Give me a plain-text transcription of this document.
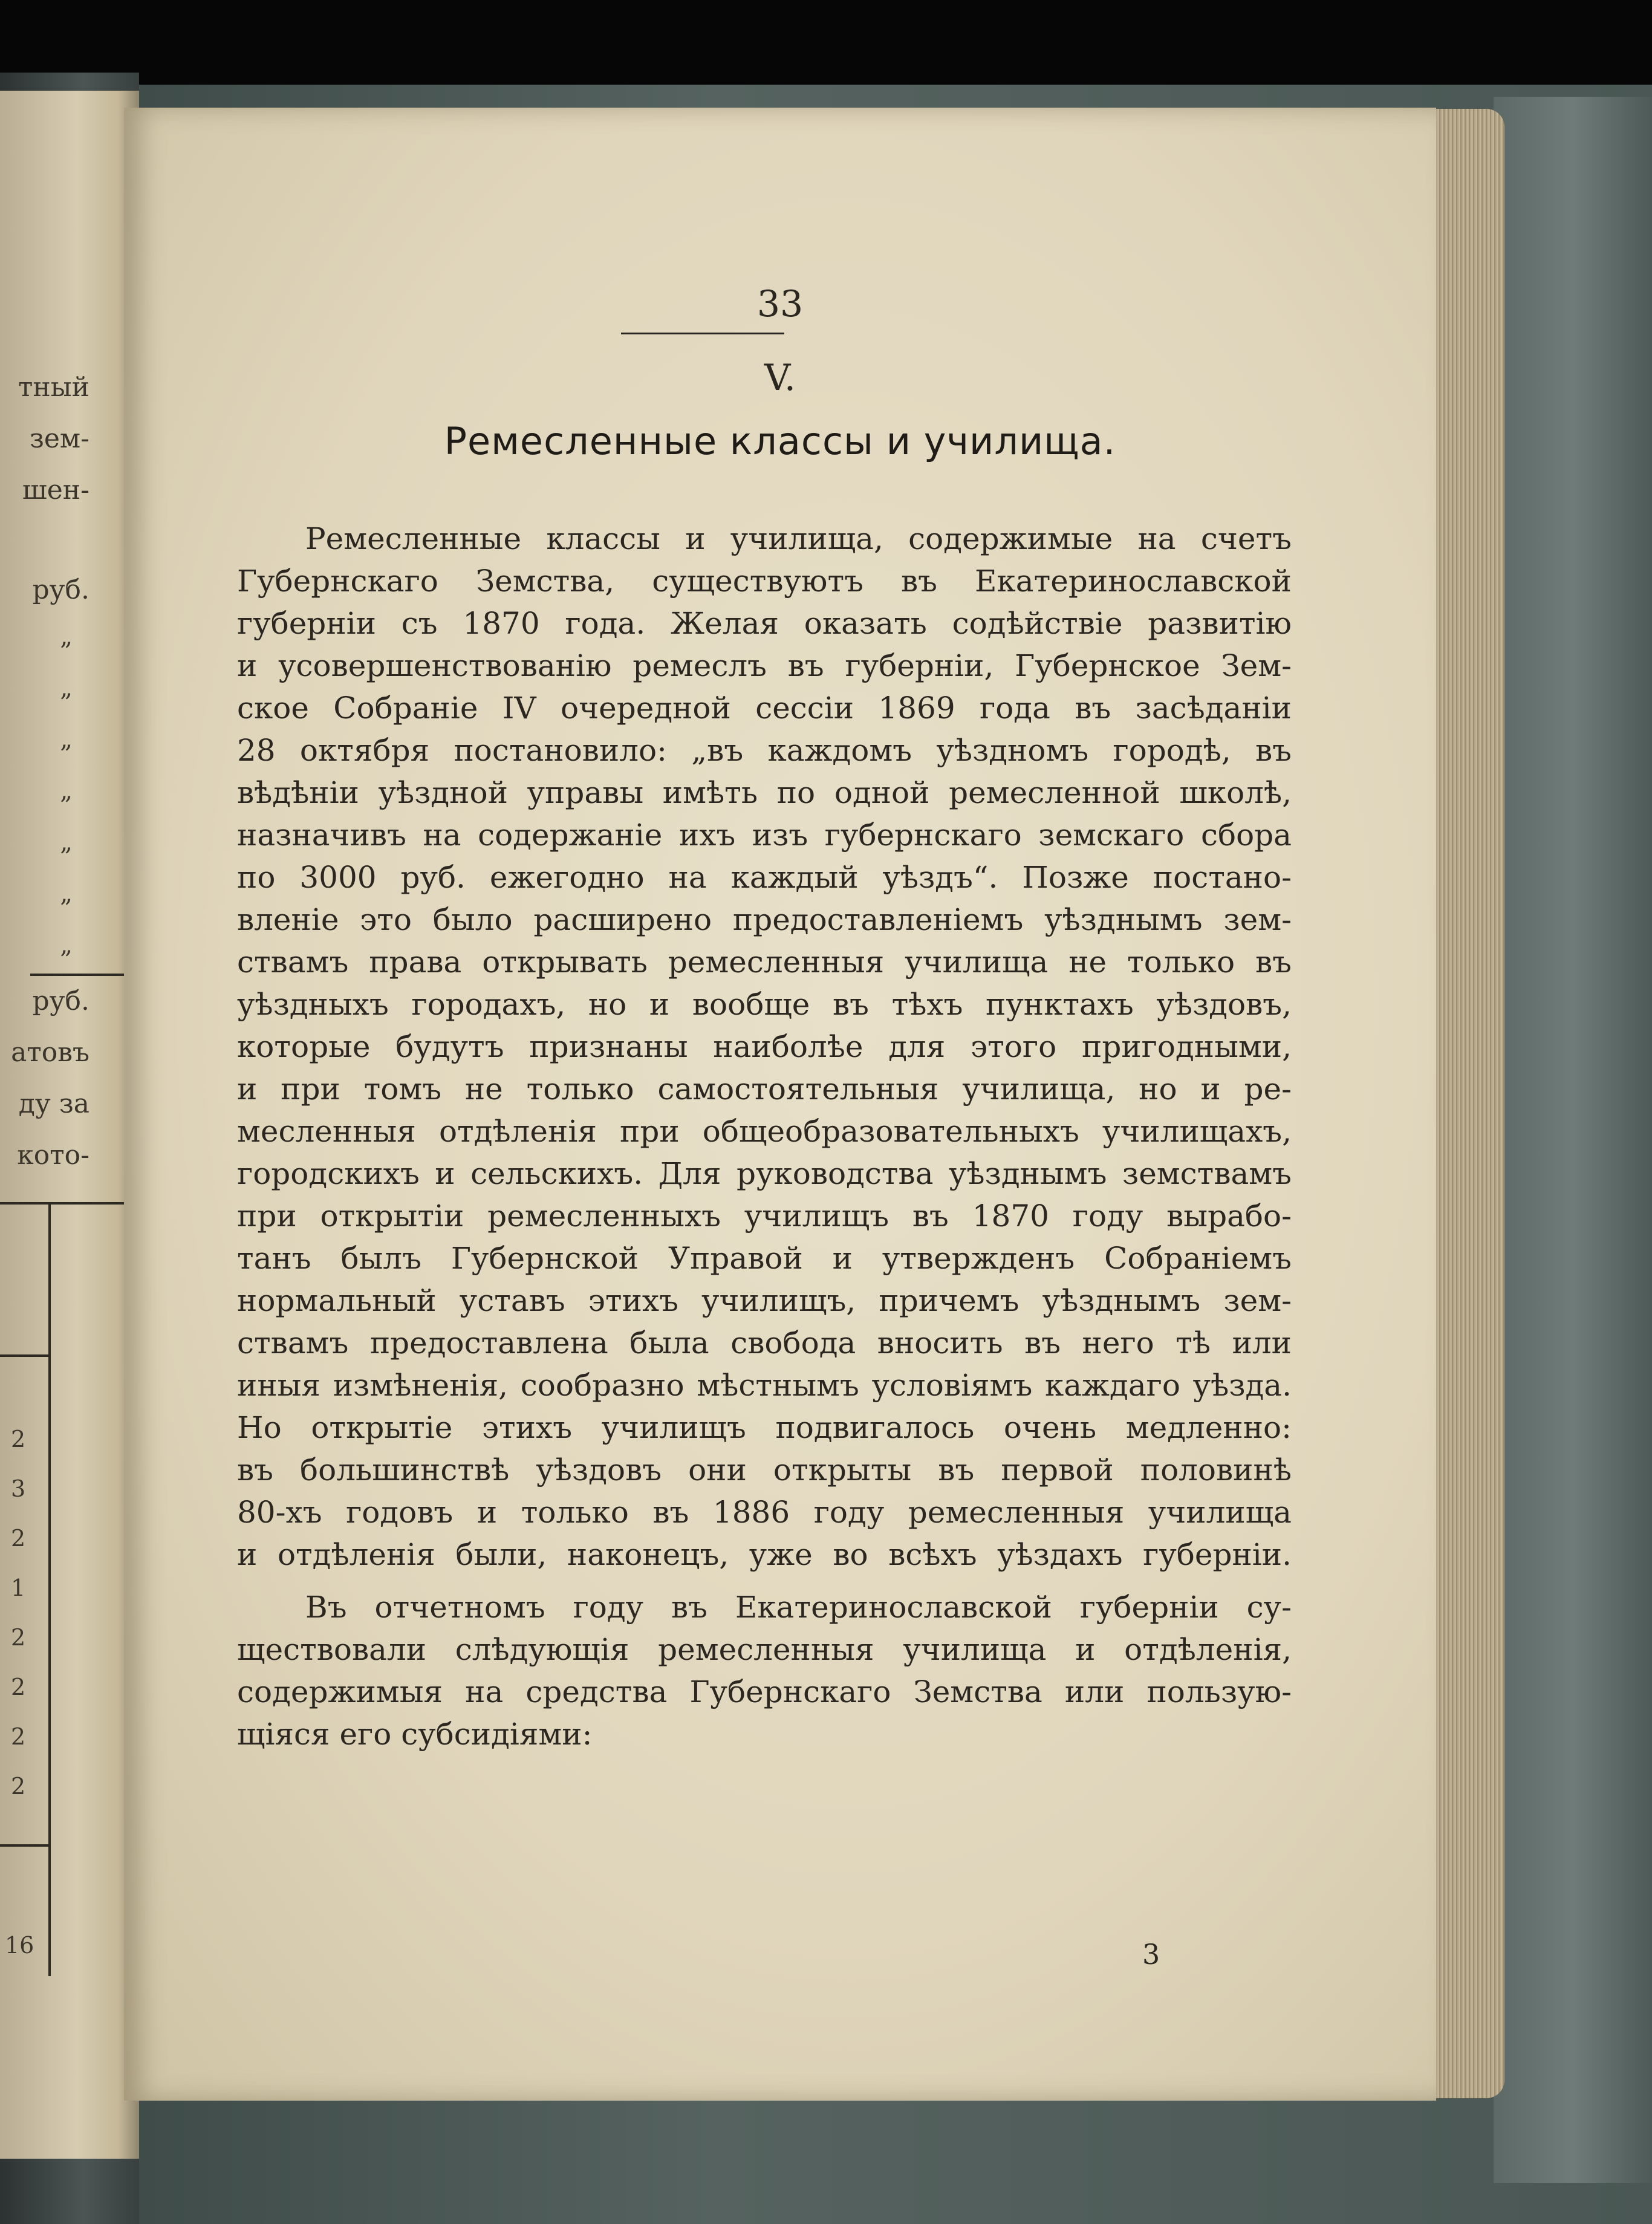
тный
зем-
шен-
руб.
„
„
„
„
„
„
„
руб.
атовъ
ду за
кото-
2
3
2
1
2
2
2
2
16
33
V.
Ремесленные классы и училища.
Ремесленные классы и училища, содержимые на счетъ
Губернскаго Земства, существуютъ въ Екатеринославской
губерніи съ 1870 года. Желая оказать содѣйствіе развитію
и усовершенствованію ремеслъ въ губерніи, Губернское Зем-
ское Собраніе IV очередной сессіи 1869 года въ засѣданіи
28 октября постановило: „въ каждомъ уѣздномъ городѣ, въ
вѣдѣніи уѣздной управы имѣть по одной ремесленной школѣ,
назначивъ на содержаніе ихъ изъ губернскаго земскаго сбора
по 3000 руб. ежегодно на каждый уѣздъ“. Позже постано-
вленіе это было расширено предоставленіемъ уѣзднымъ зем-
ствамъ права открывать ремесленныя училища не только въ
уѣздныхъ городахъ, но и вообще въ тѣхъ пунктахъ уѣздовъ,
которые будутъ признаны наиболѣе для этого пригодными,
и при томъ не только самостоятельныя училища, но и ре-
месленныя отдѣленія при общеобразовательныхъ училищахъ,
городскихъ и сельскихъ. Для руководства уѣзднымъ земствамъ
при открытіи ремесленныхъ училищъ въ 1870 году вырабо-
танъ былъ Губернской Управой и утвержденъ Собраніемъ
нормальный уставъ этихъ училищъ, причемъ уѣзднымъ зем-
ствамъ предоставлена была свобода вносить въ него тѣ или
иныя измѣненія, сообразно мѣстнымъ условіямъ каждаго уѣзда.
Но открытіе этихъ училищъ подвигалось очень медленно:
въ большинствѣ уѣздовъ они открыты въ первой половинѣ
80-хъ годовъ и только въ 1886 году ремесленныя училища
и отдѣленія были, наконецъ, уже во всѣхъ уѣздахъ губерніи.
Въ отчетномъ году въ Екатеринославской губерніи су-
ществовали слѣдующія ремесленныя училища и отдѣленія,
содержимыя на средства Губернскаго Земства или пользую-
щіяся его субсидіями:
3
